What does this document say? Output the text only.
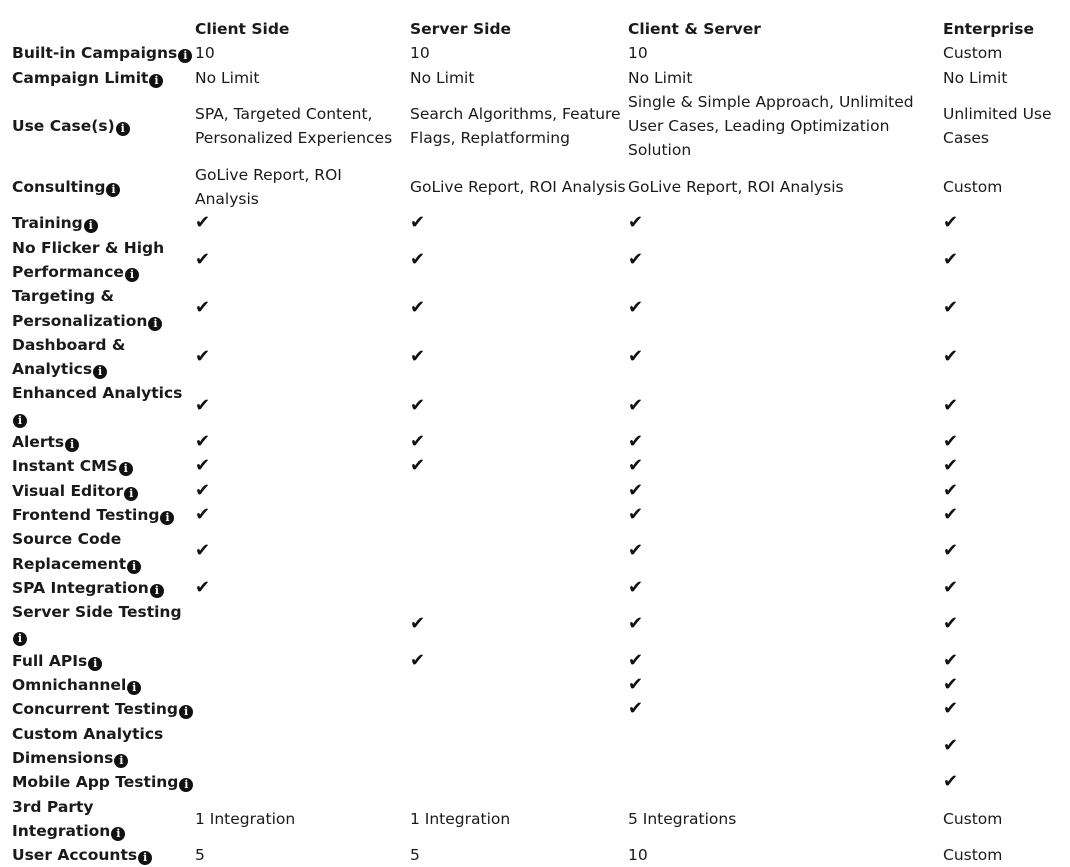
	Client Side	Server Side	Client & Server	Enterprise
Built-in Campaigns i	10	10	10	Custom
Campaign Limit i	No Limit	No Limit	No Limit	No Limit
Use Case(s) i	SPA, Targeted Content, Personalized Experiences	Search Algorithms, Feature Flags, Replatforming	Single & Simple Approach, Unlimited User Cases, Leading Optimization Solution	Unlimited Use Cases
Consulting i	GoLive Report, ROI Analysis	GoLive Report, ROI Analysis	GoLive Report, ROI Analysis	Custom
Training i	✔	✔	✔	✔
No Flicker & High Performance i	✔	✔	✔	✔
Targeting & Personalization i	✔	✔	✔	✔
Dashboard & Analytics i	✔	✔	✔	✔
Enhanced Analyticsi	✔	✔	✔	✔
Alerts i	✔	✔	✔	✔
Instant CMS i	✔	✔	✔	✔
Visual Editor i	✔		✔	✔
Frontend Testing i	✔		✔	✔
Source Code Replacement i	✔		✔	✔
SPA Integration i	✔		✔	✔
Server Side Testingi		✔	✔	✔
Full APIs i		✔	✔	✔
Omnichannel i			✔	✔
Concurrent Testing i			✔	✔
Custom Analytics Dimensions i				✔
Mobile App Testing i				✔
3rd Party Integration i	1 Integration	1 Integration	5 Integrations	Custom
User Accounts i	5	5	10	Custom
